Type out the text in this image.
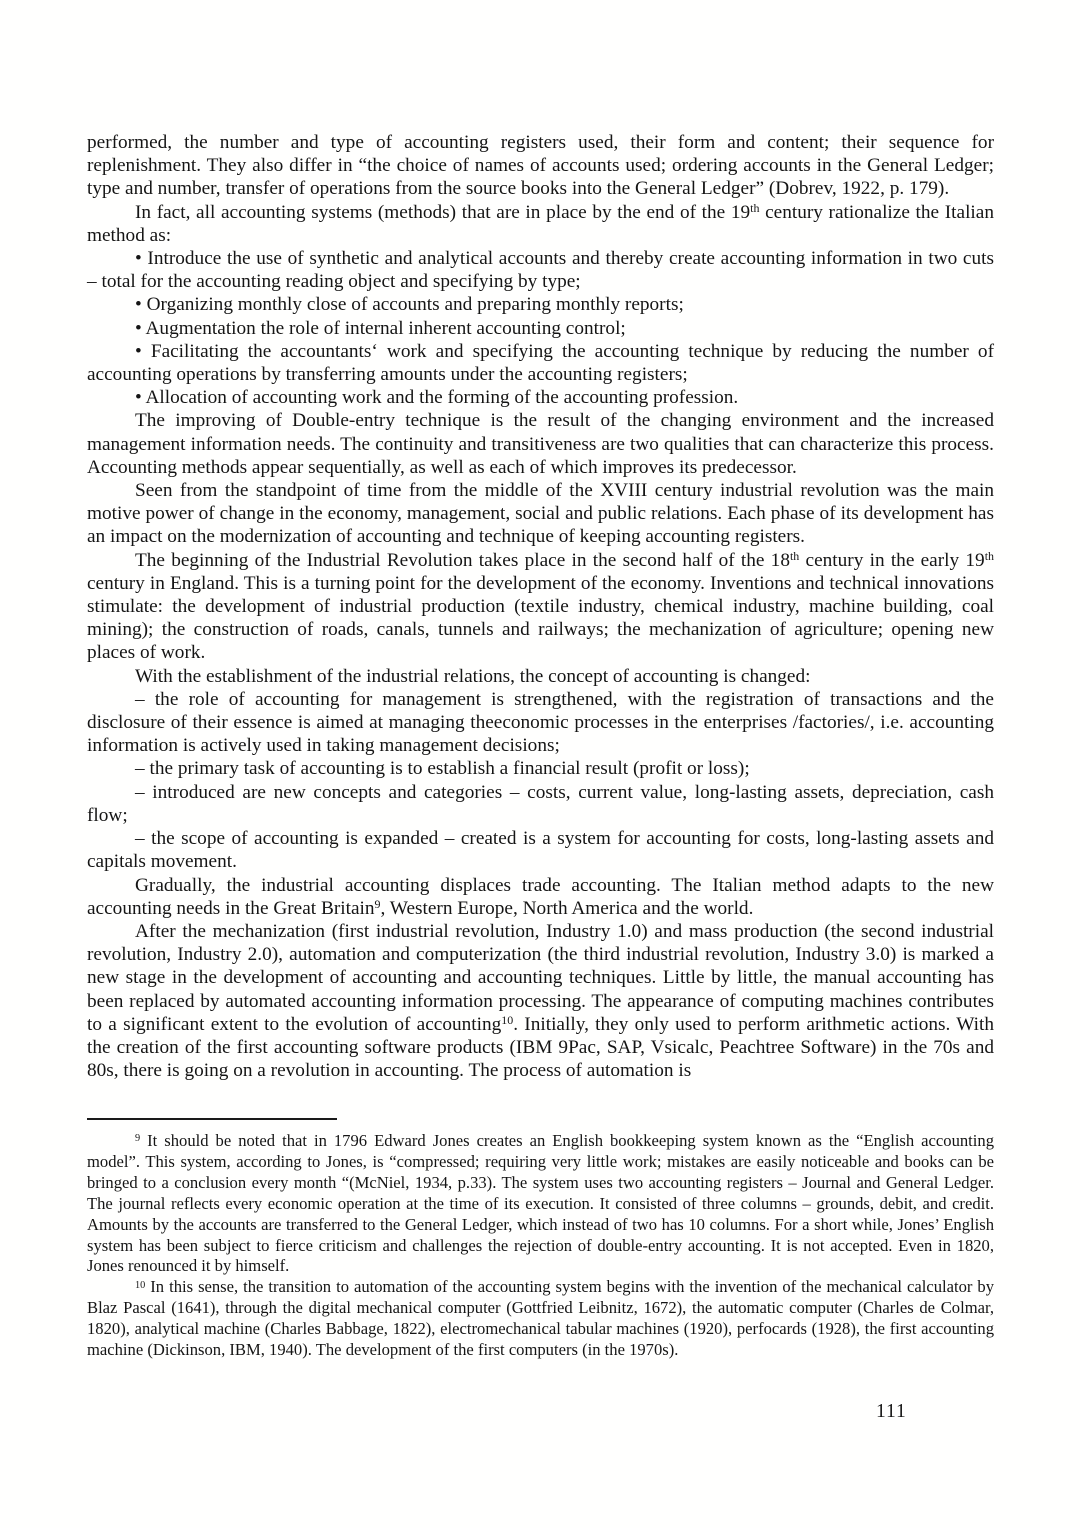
performed, the number and type of accounting registers used, their form and content; their sequence for replenishment. They also differ in “the choice of names of accounts used; ordering accounts in the General Ledger; type and number, transfer of operations from the source books into the General Ledger” (Dobrev, 1922, p. 179).

In fact, all accounting systems (methods) that are in place by the end of the 19th century rationalize the Italian method as:

• Introduce the use of synthetic and analytical accounts and thereby create accounting information in two cuts – total for the accounting reading object and specifying by type;

• Organizing monthly close of accounts and preparing monthly reports;

• Augmentation the role of internal inherent accounting control;

• Facilitating the accountants‘ work and specifying the accounting technique by reducing the number of accounting operations by transferring amounts under the accounting registers;

• Allocation of accounting work and the forming of the accounting profession.

The improving of Double-entry technique is the result of the changing environment and the increased management information needs. The continuity and transitiveness are two qualities that can characterize this process. Accounting methods appear sequentially, as well as each of which improves its predecessor.

Seen from the standpoint of time from the middle of the XVIII century industrial revolution was the main motive power of change in the economy, management, social and public relations. Each phase of its development has an impact on the modernization of accounting and technique of keeping accounting registers.

The beginning of the Industrial Revolution takes place in the second half of the 18th century in the early 19th century in England. This is a turning point for the development of the economy. Inventions and technical innovations stimulate: the development of industrial production (textile industry, chemical industry, machine building, coal mining); the construction of roads, canals, tunnels and railways; the mechanization of agriculture; opening new places of work.

With the establishment of the industrial relations, the concept of accounting is changed:

– the role of accounting for management is strengthened, with the registration of transactions and the disclosure of their essence is aimed at managing theeconomic processes in the enterprises /factories/, i.e. accounting information is actively used in taking management decisions;

– the primary task of accounting is to establish a financial result (profit or loss);

– introduced are new concepts and categories – costs, current value, long-lasting assets, depreciation, cash flow;

– the scope of accounting is expanded – created is a system for accounting for costs, long-lasting assets and capitals movement.

Gradually, the industrial accounting displaces trade accounting. The Italian method adapts to the new accounting needs in the Great Britain$^9$, Western Europe, North America and the world.

After the mechanization (first industrial revolution, Industry 1.0) and mass production (the second industrial revolution, Industry 2.0), automation and computerization (the third industrial revolution, Industry 3.0) is marked a new stage in the development of accounting and accounting techniques. Little by little, the manual accounting has been replaced by automated accounting information processing. The appearance of computing machines contributes to a significant extent to the evolution of accounting$^{10}$. Initially, they only used to perform arithmetic actions. With the creation of the first accounting software products (IBM 9Pac, SAP, Vsicalc, Peachtree Software) in the 70s and 80s, there is going on a revolution in accounting. The process of automation is

$^9$ It should be noted that in 1796 Edward Jones creates an English bookkeeping system known as the “English accounting model”. This system, according to Jones, is “compressed; requiring very little work; mistakes are easily noticeable and books can be bringed to a conclusion every month “(McNiel, 1934, p.33). The system uses two accounting registers – Journal and General Ledger. The journal reflects every economic operation at the time of its execution. It consisted of three columns – grounds, debit, and credit. Amounts by the accounts are transferred to the General Ledger, which instead of two has 10 columns. For a short while, Jones’ English system has been subject to fierce criticism and challenges the rejection of double-entry accounting. It is not accepted. Even in 1820, Jones renounced it by himself.

$^{10}$ In this sense, the transition to automation of the accounting system begins with the invention of the mechanical calculator by Blaz Pascal (1641), through the digital mechanical computer (Gottfried Leibnitz, 1672), the automatic computer (Charles de Colmar, 1820), analytical machine (Charles Babbage, 1822), electromechanical tabular machines (1920), perfocards (1928), the first accounting machine (Dickinson, IBM, 1940). The development of the first computers (in the 1970s).

111
